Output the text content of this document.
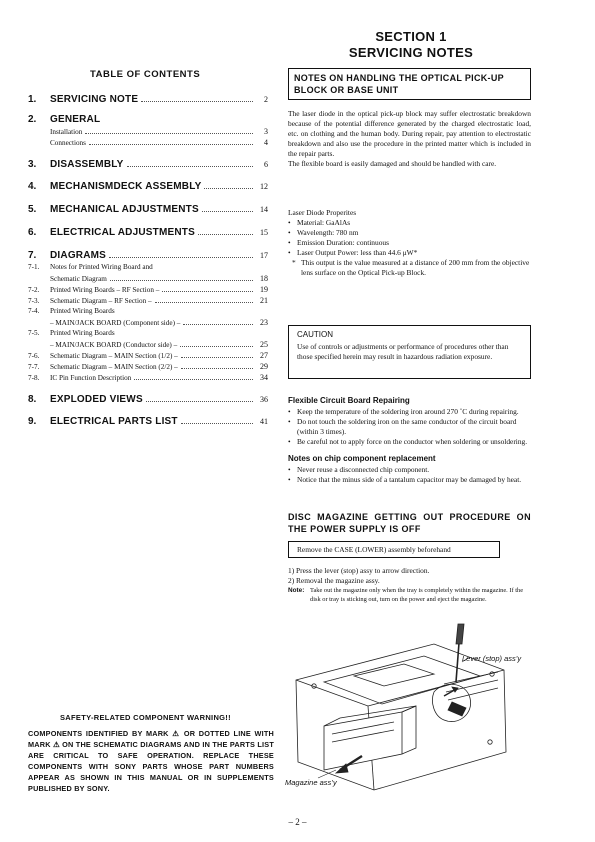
TABLE OF CONTENTS
1.	SERVICING NOTE	2
2.	GENERAL
Installation	3
Connections	4
3.	DISASSEMBLY	6
4.	MECHANISMDECK ASSEMBLY	12
5.	MECHANICAL ADJUSTMENTS	14
6.	ELECTRICAL ADJUSTMENTS	15
7.	DIAGRAMS	17
7-1.	Notes for Printed Wiring Board and
Schematic Diagram	18
7-2.	Printed Wiring Boards – RF Section –	19
7-3.	Schematic Diagram – RF Section –	21
7-4.	Printed Wiring Boards
– MAIN/JACK BOARD (Component side) –	23
7-5.	Printed Wiring Boards
– MAIN/JACK BOARD (Conductor side) –	25
7-6.	Schematic Diagram – MAIN Section (1/2) –	27
7-7.	Schematic Diagram – MAIN Section (2/2) –	29
7-8.	IC Pin Function Description	34
8.	EXPLODED VIEWS	36
9.	ELECTRICAL PARTS LIST	41
SAFETY-RELATED COMPONENT WARNING!!
COMPONENTS IDENTIFIED BY MARK ⚠ OR DOTTED LINE WITH MARK ⚠ ON THE SCHEMATIC DIAGRAMS AND IN THE PARTS LIST ARE CRITICAL TO SAFE OPERATION. REPLACE THESE COMPONENTS WITH SONY PARTS WHOSE PART NUMBERS APPEAR AS SHOWN IN THIS MANUAL OR IN SUPPLEMENTS PUBLISHED BY SONY.
SECTION 1
SERVICING NOTES
NOTES ON HANDLING THE OPTICAL PICK-UP BLOCK OR BASE UNIT
The laser diode in the optical pick-up block may suffer electrostatic breakdown because of the potential difference generated by the charged electrostatic load, etc. on clothing and the human body. During repair, pay attention to electrostatic breakdown and also use the procedure in the printed matter which is included in the repair parts.
The flexible board is easily damaged and should be handled with care.
Laser Diode Properites
• Material: GaAlAs
• Wavelength: 780 nm
• Emission Duration: continuous
• Laser Output Power: less than 44.6 μW*
* This output is the value measured at a distance of 200 mm from the objective lens surface on the Optical Pick-up Block.
CAUTION
Use of controls or adjustments or performance of procedures other than those specified herein may result in hazardous radiation exposure.
Flexible Circuit Board Repairing
• Keep the temperature of the soldering iron around 270 ˚C during repairing.
• Do not touch the soldering iron on the same conductor of the circuit board (within 3 times).
• Be careful not to apply force on the conductor when soldering or unsoldering.
Notes on chip component replacement
• Never reuse a disconnected chip component.
• Notice that the minus side of a tantalum capacitor may be damaged by heat.
DISC MAGAZINE GETTING OUT PROCEDURE ON THE POWER SUPPLY IS OFF
Remove the CASE (LOWER) assembly beforehand
1) Press the lever (stop) assy to arrow direction.
2) Removal the magazine assy.
Note: Take out the magazine only when the tray is completely within the magazine. If the disk or tray is sticking out, turn on the power and eject the magazine.
Lever (stop) ass’y
Magazine ass’y
– 2 –
